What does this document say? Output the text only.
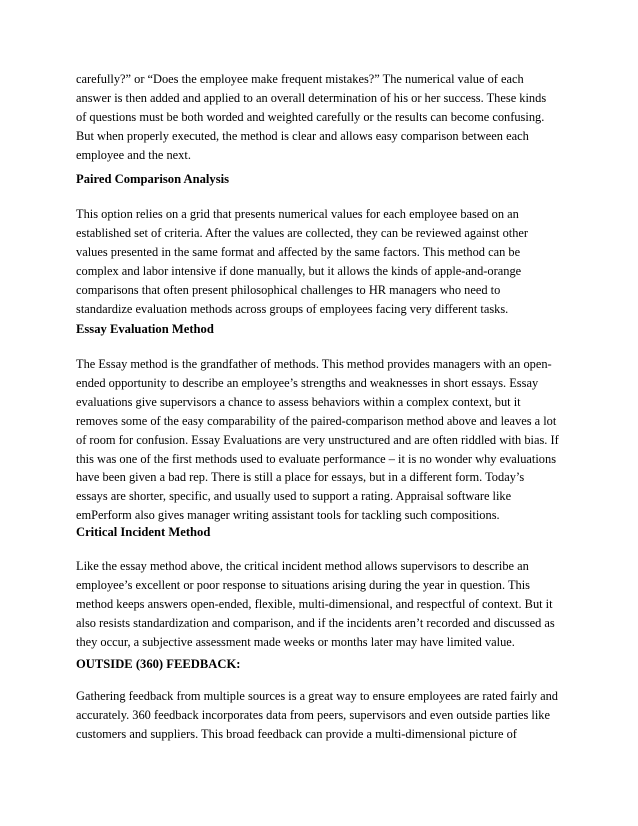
carefully?” or “Does the employee make frequent mistakes?” The numerical value of each
answer is then added and applied to an overall determination of his or her success. These kinds
of questions must be both worded and weighted carefully or the results can become confusing.
But when properly executed, the method is clear and allows easy comparison between each
employee and the next.
Paired Comparison Analysis
This option relies on a grid that presents numerical values for each employee based on an
established set of criteria. After the values are collected, they can be reviewed against other
values presented in the same format and affected by the same factors. This method can be
complex and labor intensive if done manually, but it allows the kinds of apple-and-orange
comparisons that often present philosophical challenges to HR managers who need to
standardize evaluation methods across groups of employees facing very different tasks.
Essay Evaluation Method
The Essay method is the grandfather of methods. This method provides managers with an open-
ended opportunity to describe an employee’s strengths and weaknesses in short essays. Essay
evaluations give supervisors a chance to assess behaviors within a complex context, but it
removes some of the easy comparability of the paired-comparison method above and leaves a lot
of room for confusion. Essay Evaluations are very unstructured and are often riddled with bias. If
this was one of the first methods used to evaluate performance – it is no wonder why evaluations
have been given a bad rep. There is still a place for essays, but in a different form. Today’s
essays are shorter, specific, and usually used to support a rating. Appraisal software like
emPerform also gives manager writing assistant tools for tackling such compositions.
Critical Incident Method
Like the essay method above, the critical incident method allows supervisors to describe an
employee’s excellent or poor response to situations arising during the year in question. This
method keeps answers open-ended, flexible, multi-dimensional, and respectful of context. But it
also resists standardization and comparison, and if the incidents aren’t recorded and discussed as
they occur, a subjective assessment made weeks or months later may have limited value.
OUTSIDE (360) FEEDBACK:
Gathering feedback from multiple sources is a great way to ensure employees are rated fairly and
accurately. 360 feedback incorporates data from peers, supervisors and even outside parties like
customers and suppliers. This broad feedback can provide a multi-dimensional picture of
